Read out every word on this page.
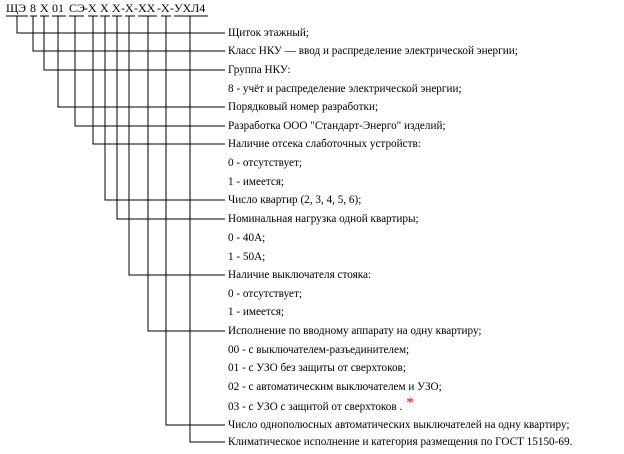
ЩЭ 8 Х 01 СЭ - Х Х Х - Х - ХХ - Х - УХЛ4
Щиток этажный;
Класс НКУ — ввод и распределение электрической энергии;
Группа НКУ:
8 - учёт и распределение электрической энергии;
Порядковый номер разработки;
Разработка ООО "Стандарт-Энерго" изделий;
Наличие отсека слаботочных устройств:
0 - отсутствует;
1 - имеется;
Число квартир (2, 3, 4, 5, 6);
Номинальная нагрузка одной квартиры;
0 - 40А;
1 - 50А;
Наличие выключателя стояка:
0 - отсутствует;
1 - имеется;
Исполнение по вводному аппарату на одну квартиру;
00 - с выключателем-разъединителем;
01 - с УЗО без защиты от сверхтоков;
02 - с автоматическим выключателем и УЗО;
03 - с УЗО с защитой от сверхтоков . *
Число однополюсных автоматических выключателей на одну квартиру;
Климатическое исполнение и категория размещения по ГОСТ 15150-69.
